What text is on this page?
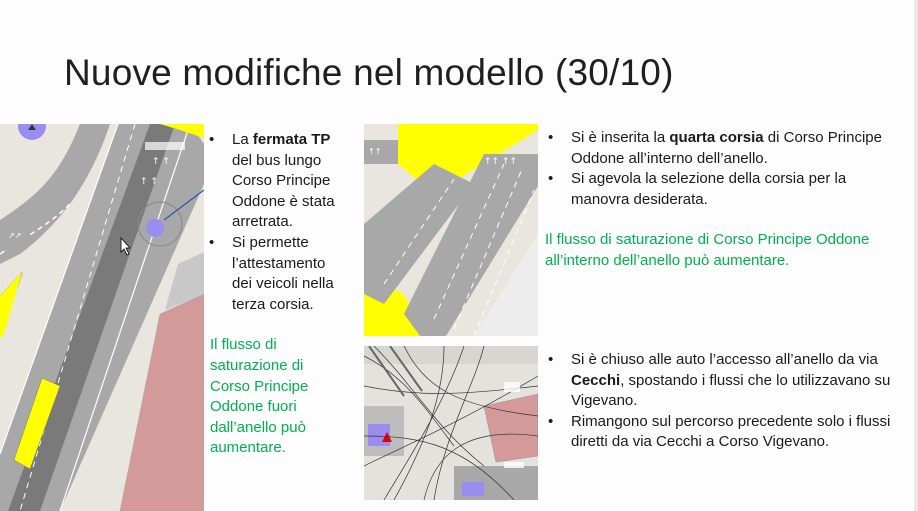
Nuove modifiche nel modello (30/10)
↑ ↑
↑ ↑
↗↗
• La fermata TP del bus lungo Corso Principe Oddone è stata arretrata.
• Si permette l’attestamento dei veicoli nella terza corsia.

Il flusso di saturazione di Corso Principe Oddone fuori dall’anello può aumentare.

↑↑ ↑↑
↑↑
• Si è inserita la quarta corsia di Corso Principe Oddone all’interno dell’anello.
• Si agevola la selezione della corsia per la manovra desiderata.

Il flusso di saturazione di Corso Principe Oddone all’interno dell’anello può aumentare.

• Si è chiuso alle auto l’accesso all’anello da via Cecchi, spostando i flussi che lo utilizzavano su Vigevano.
• Rimangono sul percorso precedente solo i flussi diretti da via Cecchi a Corso Vigevano.
